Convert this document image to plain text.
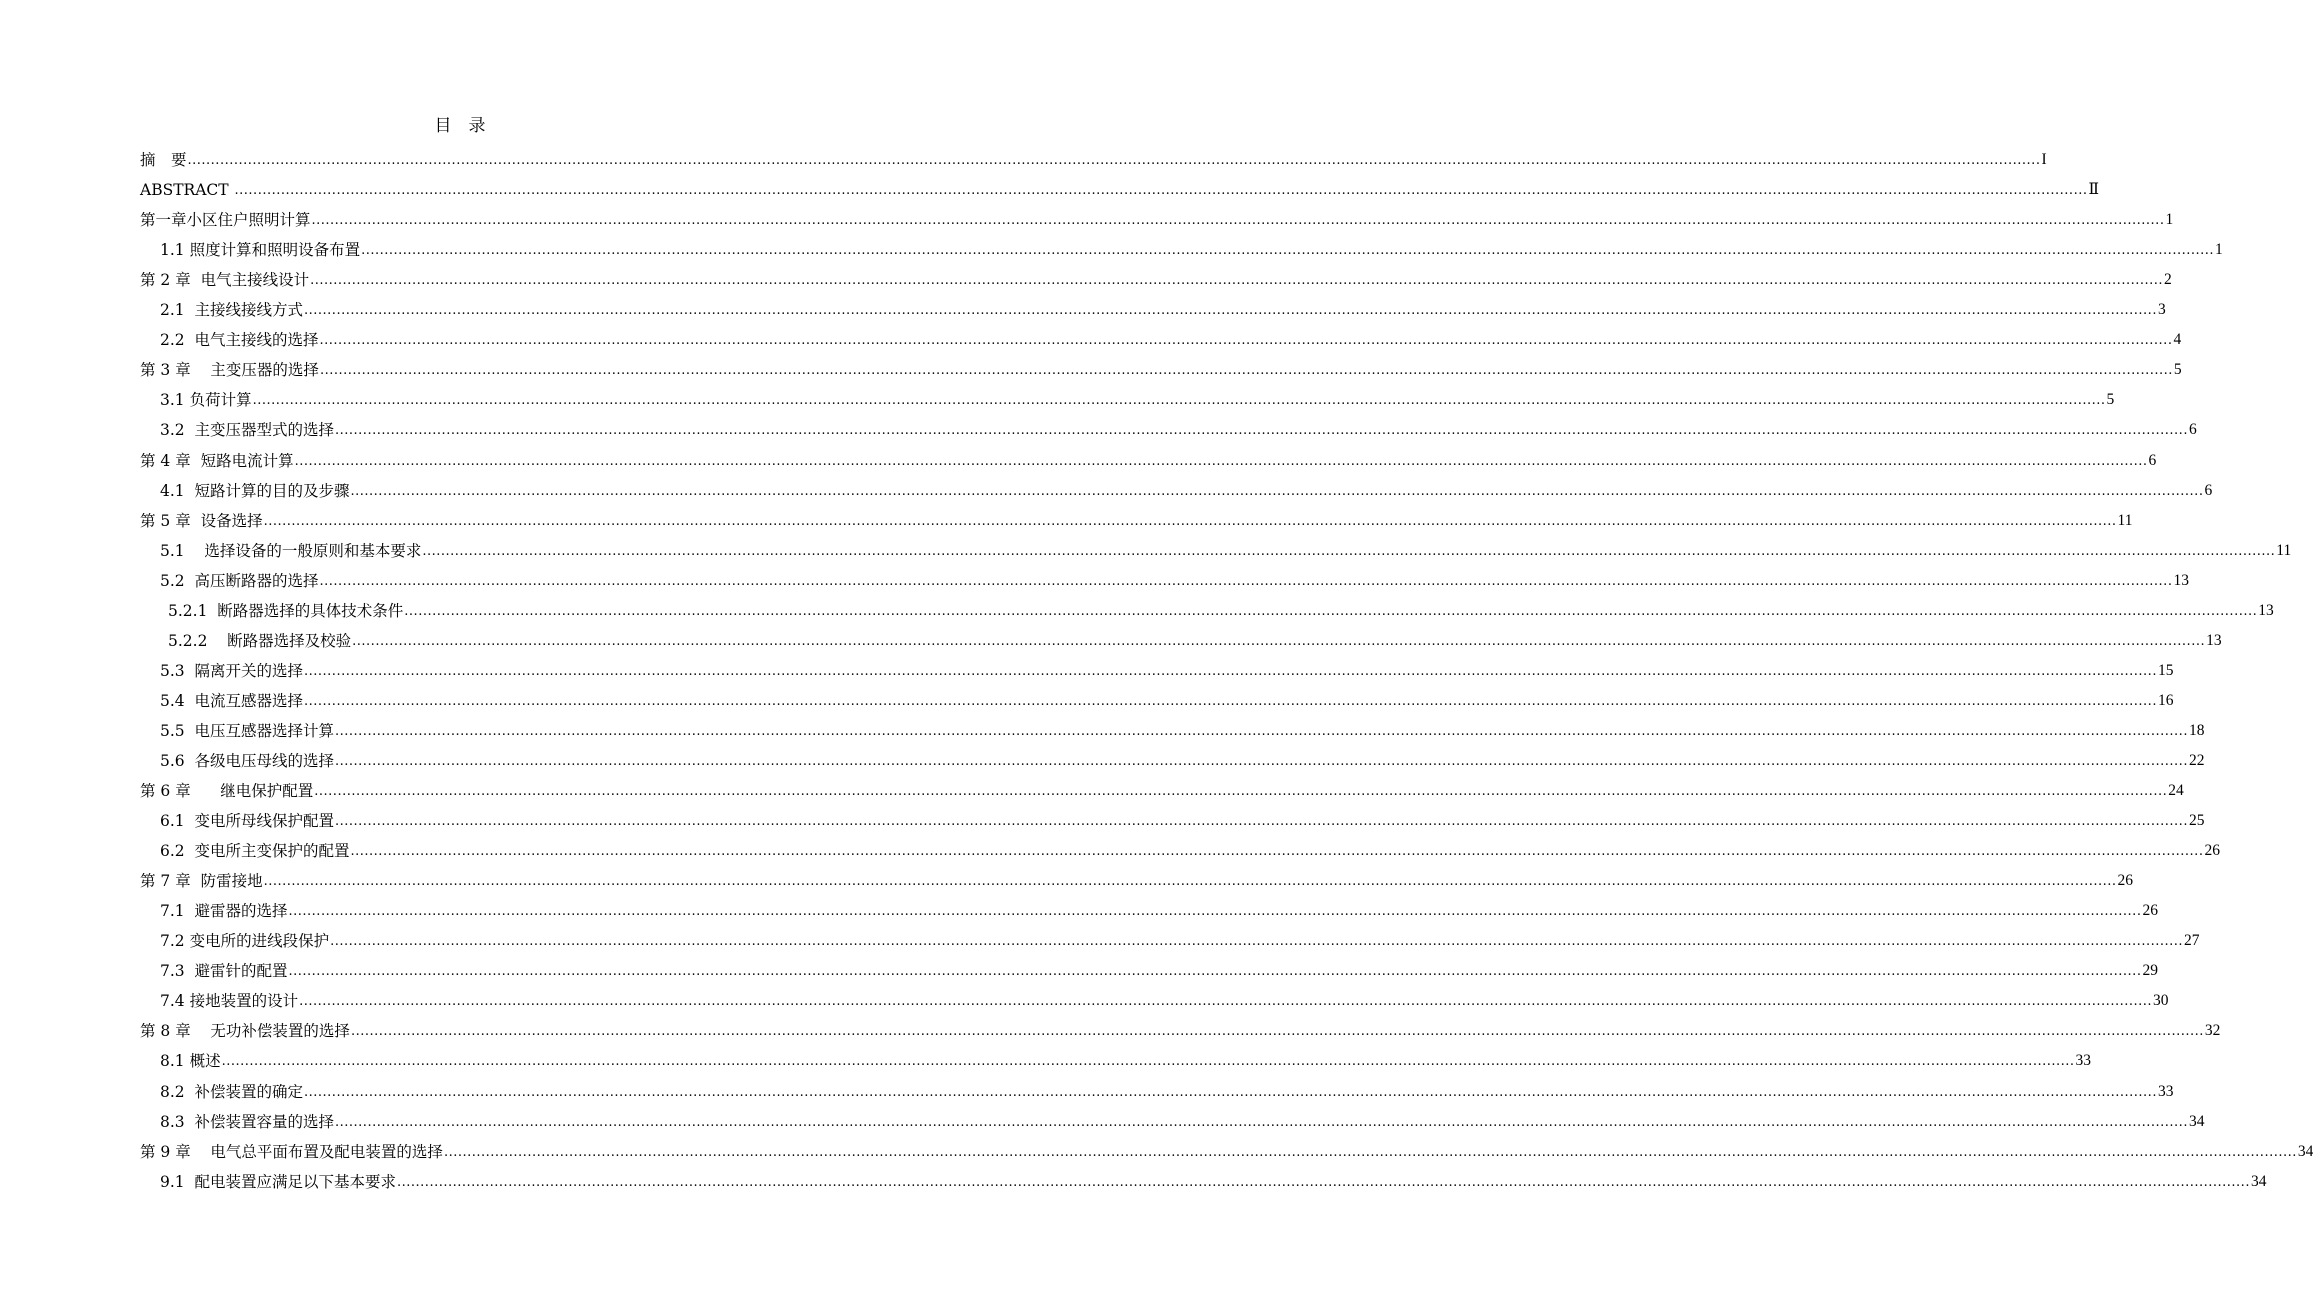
目　录
摘　要 ................................................................................................................................................................................................................................................................................................................................................................................................................ I
ABSTRACT ................................................................................................................................................................................................................................................................................................................................................................................................................ Ⅱ
第一章小区住户照明计算 ................................................................................................................................................................................................................................................................................................................................................................................................................ 1
1.1 照度计算和照明设备布置 ................................................................................................................................................................................................................................................................................................................................................................................................................ 1
第 2 章  电气主接线设计 ................................................................................................................................................................................................................................................................................................................................................................................................................ 2
2.1  主接线接线方式 ................................................................................................................................................................................................................................................................................................................................................................................................................ 3
2.2  电气主接线的选择 ................................................................................................................................................................................................................................................................................................................................................................................................................ 4
第 3 章    主变压器的选择 ................................................................................................................................................................................................................................................................................................................................................................................................................ 5
3.1 负荷计算 ................................................................................................................................................................................................................................................................................................................................................................................................................ 5
3.2  主变压器型式的选择 ................................................................................................................................................................................................................................................................................................................................................................................................................ 6
第 4 章  短路电流计算 ................................................................................................................................................................................................................................................................................................................................................................................................................ 6
4.1  短路计算的目的及步骤 ................................................................................................................................................................................................................................................................................................................................................................................................................ 6
第 5 章  设备选择 ................................................................................................................................................................................................................................................................................................................................................................................................................ 11
5.1    选择设备的一般原则和基本要求 ................................................................................................................................................................................................................................................................................................................................................................................................................ 11
5.2  高压断路器的选择 ................................................................................................................................................................................................................................................................................................................................................................................................................ 13
5.2.1  断路器选择的具体技术条件 ................................................................................................................................................................................................................................................................................................................................................................................................................ 13
5.2.2    断路器选择及校验 ................................................................................................................................................................................................................................................................................................................................................................................................................ 13
5.3  隔离开关的选择 ................................................................................................................................................................................................................................................................................................................................................................................................................ 15
5.4  电流互感器选择 ................................................................................................................................................................................................................................................................................................................................................................................................................ 16
5.5  电压互感器选择计算 ................................................................................................................................................................................................................................................................................................................................................................................................................ 18
5.6  各级电压母线的选择 ................................................................................................................................................................................................................................................................................................................................................................................................................ 22
第 6 章      继电保护配置 ................................................................................................................................................................................................................................................................................................................................................................................................................ 24
6.1  变电所母线保护配置 ................................................................................................................................................................................................................................................................................................................................................................................................................ 25
6.2  变电所主变保护的配置 ................................................................................................................................................................................................................................................................................................................................................................................................................ 26
第 7 章  防雷接地 ................................................................................................................................................................................................................................................................................................................................................................................................................ 26
7.1  避雷器的选择 ................................................................................................................................................................................................................................................................................................................................................................................................................ 26
7.2 变电所的进线段保护 ................................................................................................................................................................................................................................................................................................................................................................................................................ 27
7.3  避雷针的配置 ................................................................................................................................................................................................................................................................................................................................................................................................................ 29
7.4 接地装置的设计 ................................................................................................................................................................................................................................................................................................................................................................................................................ 30
第 8 章    无功补偿装置的选择 ................................................................................................................................................................................................................................................................................................................................................................................................................ 32
8.1 概述 ................................................................................................................................................................................................................................................................................................................................................................................................................ 33
8.2  补偿装置的确定 ................................................................................................................................................................................................................................................................................................................................................................................................................ 33
8.3  补偿装置容量的选择 ................................................................................................................................................................................................................................................................................................................................................................................................................ 34
第 9 章    电气总平面布置及配电装置的选择 ................................................................................................................................................................................................................................................................................................................................................................................................................ 34
9.1  配电装置应满足以下基本要求 ................................................................................................................................................................................................................................................................................................................................................................................................................ 34
